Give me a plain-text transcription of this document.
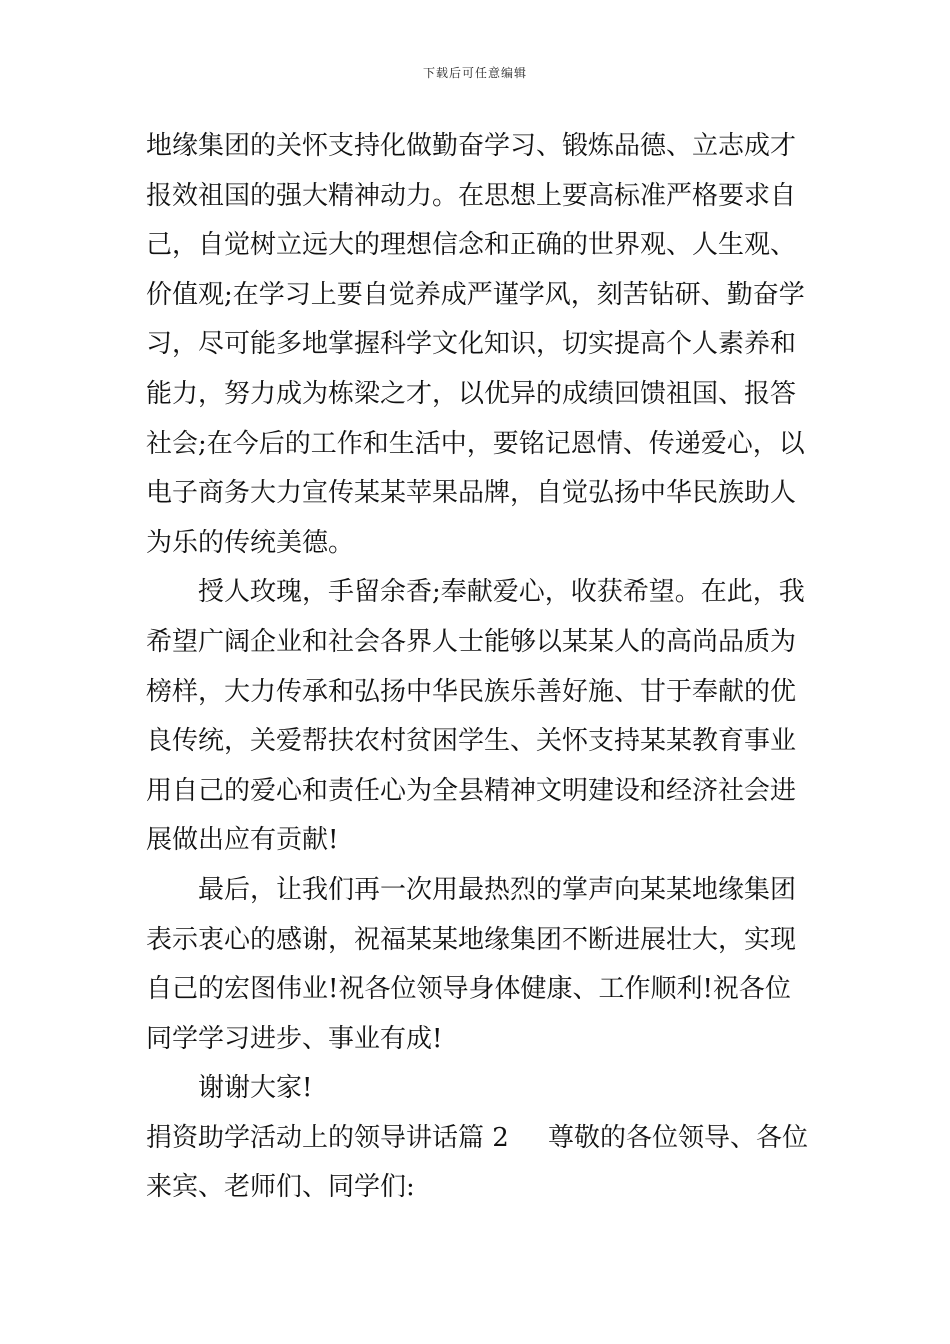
下载后可任意编辑
地缘集团的关怀支持化做勤奋学习、锻炼品德、立志成才
报效祖国的强大精神动力。在思想上要高标准严格要求自
己，自觉树立远大的理想信念和正确的世界观、人生观、
价值观;在学习上要自觉养成严谨学风，刻苦钻研、勤奋学
习，尽可能多地掌握科学文化知识，切实提高个人素养和
能力，努力成为栋梁之才，以优异的成绩回馈祖国、报答
社会;在今后的工作和生活中，要铭记恩情、传递爱心，以
电子商务大力宣传某某苹果品牌，自觉弘扬中华民族助人
为乐的传统美德。
授人玫瑰，手留余香;奉献爱心，收获希望。在此，我
希望广阔企业和社会各界人士能够以某某人的高尚品质为
榜样，大力传承和弘扬中华民族乐善好施、甘于奉献的优
良传统，关爱帮扶农村贫困学生、关怀支持某某教育事业
用自己的爱心和责任心为全县精神文明建设和经济社会进
展做出应有贡献!
最后，让我们再一次用最热烈的掌声向某某地缘集团
表示衷心的感谢，祝福某某地缘集团不断进展壮大，实现
自己的宏图伟业!祝各位领导身体健康、工作顺利!祝各位
同学学习进步、事业有成!
谢谢大家!
捐资助学活动上的领导讲话篇 2 尊敬的各位领导、各位
来宾、老师们、同学们:
